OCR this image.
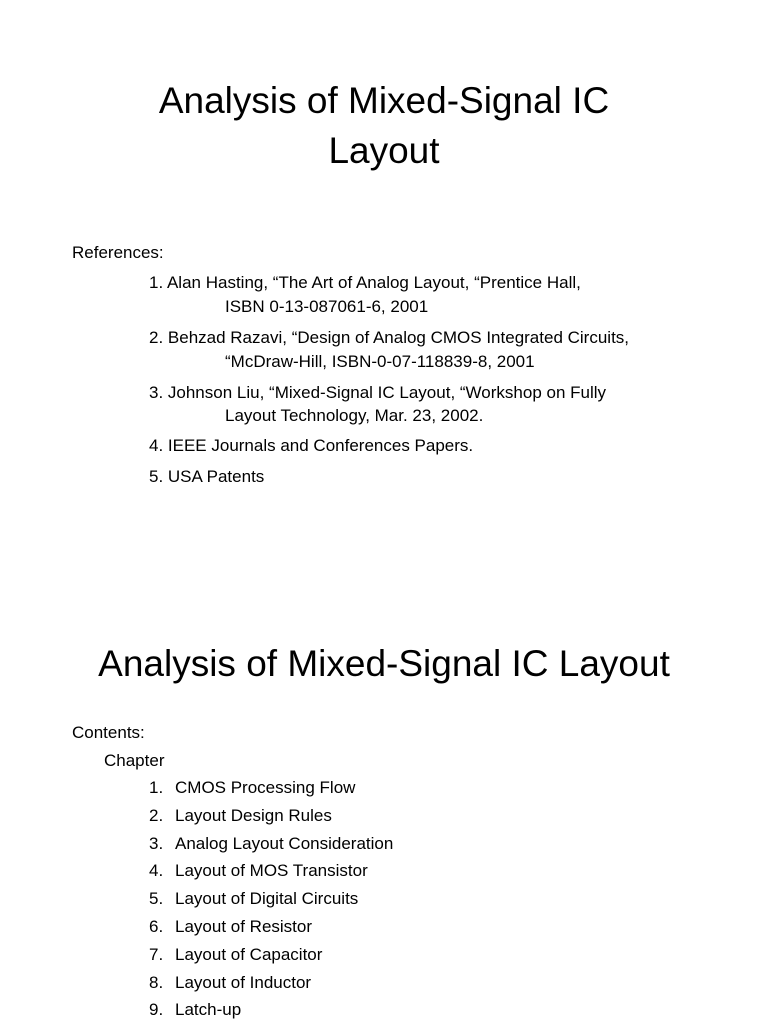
Analysis of Mixed-Signal IC
Layout

References:

1. Alan Hasting, “The Art of Analog Layout, “Prentice Hall,
ISBN 0-13-087061-6, 2001
2. Behzad Razavi, “Design of Analog CMOS Integrated Circuits,
“McDraw-Hill, ISBN-0-07-118839-8, 2001
3. Johnson Liu, “Mixed-Signal IC Layout, “Workshop on Fully
Layout Technology, Mar. 23, 2002.
4. IEEE Journals and Conferences Papers.
5. USA Patents
Analysis of Mixed-Signal IC Layout

Contents:

Chapter

1. CMOS Processing Flow
2. Layout Design Rules
3. Analog Layout Consideration
4. Layout of MOS Transistor
5. Layout of Digital Circuits
6. Layout of Resistor
7. Layout of Capacitor
8. Layout of Inductor
9. Latch-up
